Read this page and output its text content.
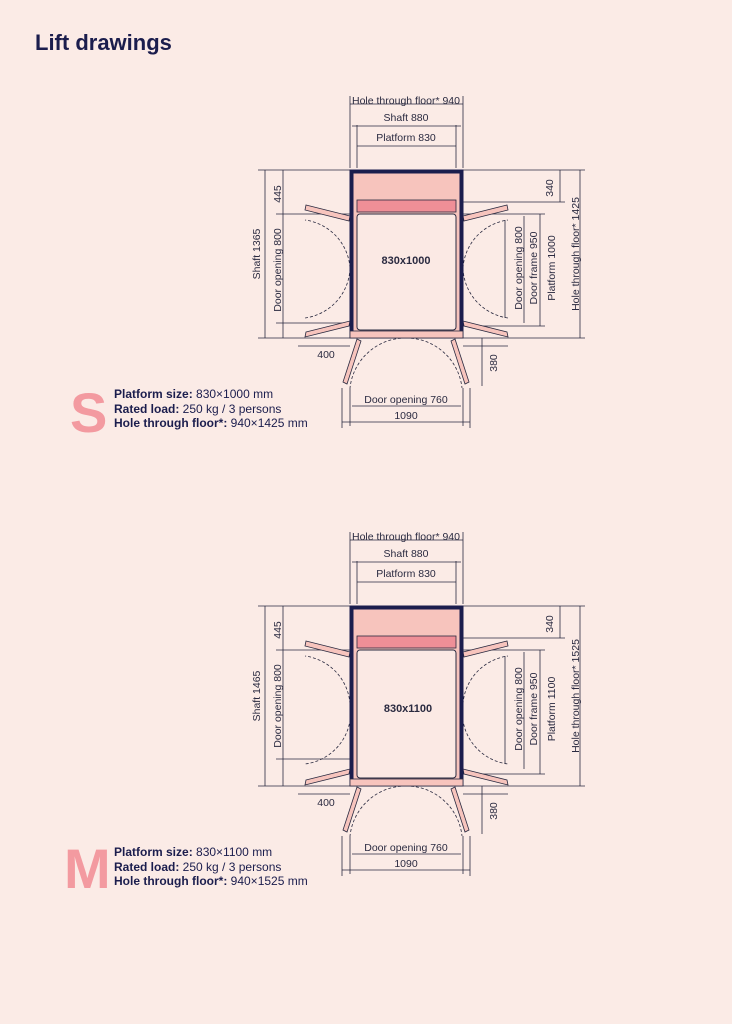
Lift drawings
Hole through floor* 940
Shaft 880
Platform 830
Shaft 1365 Door opening 800
445	340
Door opening 800 Door frame 950 Platform 1000 Hole through floor* 1425
830x1000
400	380
Door opening 760
1090
S Platform size: 830×1000 mm
Rated load: 250 kg / 3 persons
Hole through floor*: 940×1425 mm
Hole through floor* 940
Shaft 880
Platform 830
Shaft 1465 Door opening 800
445	340
Door opening 800 Door frame 950 Platform 1100 Hole through floor* 1525
830x1100
400	380
Door opening 760
1090
M Platform size: 830×1100 mm
Rated load: 250 kg / 3 persons
Hole through floor*: 940×1525 mm
